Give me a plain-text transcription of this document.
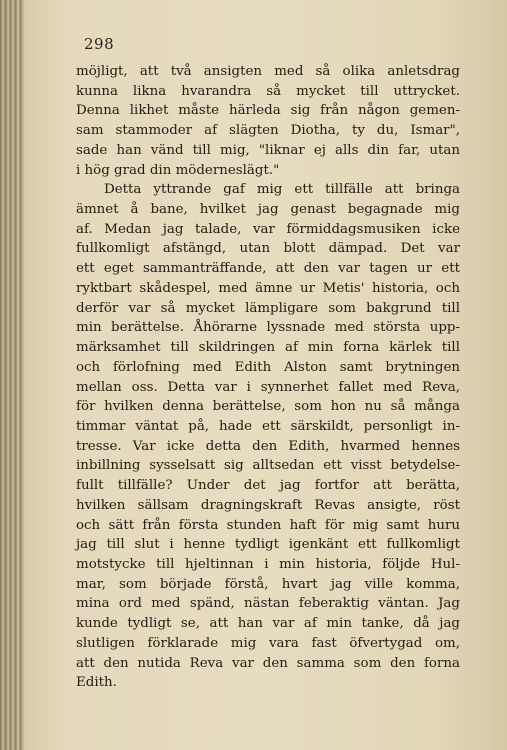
298
möjligt, att två ansigten med så olika anletsdrag
kunna likna hvarandra så mycket till uttrycket.
Denna likhet måste härleda sig från någon gemen-
sam stammoder af slägten Diotha, ty du, Ismar",
sade han vänd till mig, "liknar ej alls din far, utan
i hög grad din möderneslägt."
Detta yttrande gaf mig ett tillfälle att bringa
ämnet å bane, hvilket jag genast begagnade mig
af. Medan jag talade, var förmiddagsmusiken icke
fullkomligt afstängd, utan blott dämpad. Det var
ett eget sammanträffande, att den var tagen ur ett
ryktbart skådespel, med ämne ur Metis' historia, och
derför var så mycket lämpligare som bakgrund till
min berättelse. Åhörarne lyssnade med största upp-
märksamhet till skildringen af min forna kärlek till
och förlofning med Edith Alston samt brytningen
mellan oss. Detta var i synnerhet fallet med Reva,
för hvilken denna berättelse, som hon nu så många
timmar väntat på, hade ett särskildt, personligt in-
tresse. Var icke detta den Edith, hvarmed hennes
inbillning sysselsatt sig alltsedan ett visst betydelse-
fullt tillfälle? Under det jag fortfor att berätta,
hvilken sällsam dragningskraft Revas ansigte, röst
och sätt från första stunden haft för mig samt huru
jag till slut i henne tydligt igenkänt ett fullkomligt
motstycke till hjeltinnan i min historia, följde Hul-
mar, som började förstå, hvart jag ville komma,
mina ord med spänd, nästan feberaktig väntan. Jag
kunde tydligt se, att han var af min tanke, då jag
slutligen förklarade mig vara fast öfvertygad om,
att den nutida Reva var den samma som den forna
Edith.
